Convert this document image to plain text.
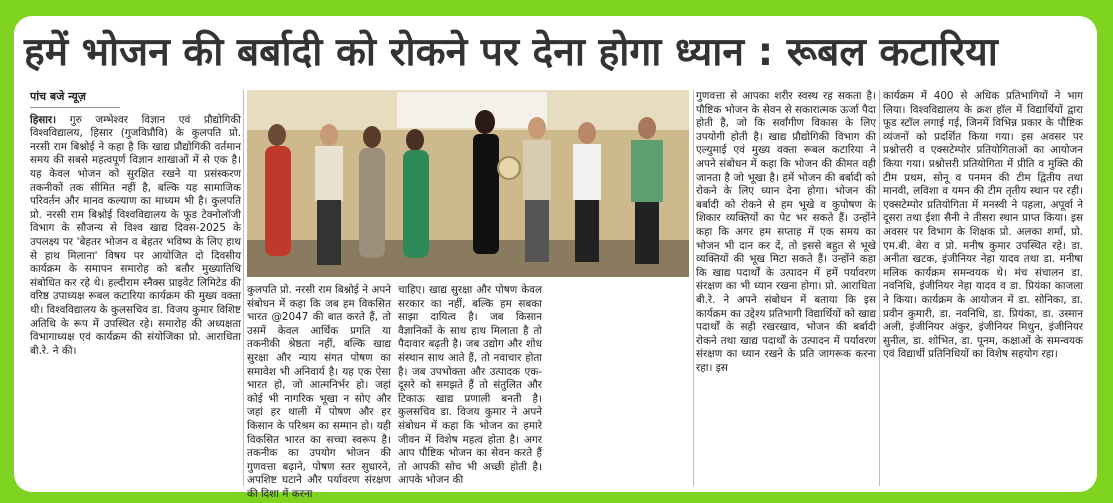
हमें भोजन की बर्बादी को रोकने पर देना होगा ध्यान : रूबल कटारिया

पांच बजे न्यूज़

हिसार। गुरु जम्भेश्वर विज्ञान एवं प्रौद्योगिकी विश्वविद्यालय, हिसार (गुजविप्रौवि) के कुलपति प्रो. नरसी राम बिश्नोई ने कहा है कि खाद्य प्रौद्योगिकी वर्तमान समय की सबसे महत्वपूर्ण विज्ञान शाखाओं में से एक है। यह केवल भोजन को सुरक्षित रखने या प्रसंस्करण तकनीकों तक सीमित नहीं है, बल्कि यह सामाजिक परिवर्तन और मानव कल्याण का माध्यम भी है। कुलपति प्रो. नरसी राम बिश्नोई विश्वविद्यालय के फूड टेक्नोलॉजी विभाग के सौजन्य से विश्व खाद्य दिवस-2025 के उपलक्ष्य पर 'बेहतर भोजन व बेहतर भविष्य के लिए हाथ से हाथ मिलाना' विषय पर आयोजित दो दिवसीय कार्यक्रम के समापन समारोह को बतौर मुख्यातिथि संबोधित कर रहे थे। हल्दीराम स्नैक्स प्राइवेट लिमिटेड की वरिष्ठ उपाध्यक्ष रूबल कटारिया कार्यक्रम की मुख्य वक्ता थी। विश्वविद्यालय के कुलसचिव डा. विजय कुमार विशिष्ट अतिथि के रूप में उपस्थित रहे। समारोह की अध्यक्षता विभागाध्यक्ष एवं कार्यक्रम की संयोजिका प्रो. आराधिता बी.रे. ने की।

कुलपति प्रो. नरसी राम बिश्नोई ने अपने संबोधन में कहा कि जब हम विकसित भारत @2047 की बात करते हैं, तो उसमें केवल आर्थिक प्रगति या तकनीकी श्रेष्ठता नहीं, बल्कि खाद्य सुरक्षा और न्याय संगत पोषण का समावेश भी अनिवार्य है। यह एक ऐसा भारत हो, जो आत्मनिर्भर हो। जहां कोई भी नागरिक भूखा न सोए और जहां हर थाली में पोषण और हर किसान के परिश्रम का सम्मान हो। यही विकसित भारत का सच्चा स्वरूप है। तकनीक का उपयोग भोजन की गुणवत्ता बढ़ाने, पोषण स्तर सुधारने, अपशिष्ट घटाने और पर्यावरण संरक्षण की दिशा में करना

चाहिए। खाद्य सुरक्षा और पोषण केवल सरकार का नहीं, बल्कि हम सबका साझा दायित्व है। जब किसान वैज्ञानिकों के साथ हाथ मिलाता है तो पैदावार बढ़ती है। जब उद्योग और शोध संस्थान साथ आते हैं, तो नवाचार होता है। जब उपभोक्ता और उत्पादक एक-दूसरे को समझते हैं तो संतुलित और टिकाऊ खाद्य प्रणाली बनती है। कुलसचिव डा. विजय कुमार ने अपने संबोधन में कहा कि भोजन का हमारे जीवन में विशेष महत्व होता है। अगर आप पौष्टिक भोजन का सेवन करते हैं तो आपकी सोच भी अच्छी होती है। आपके भोजन की

गुणवत्ता से आपका शरीर स्वस्थ रह सकता है। पौष्टिक भोजन के सेवन से सकारात्मक ऊर्जा पैदा होती है, जो कि सर्वांगीण विकास के लिए उपयोगी होती है। खाद्य प्रौद्योगिकी विभाग की एल्युमाई एवं मुख्य वक्ता रूबल कटारिया ने अपने संबोधन में कहा कि भोजन की कीमत वही जानता है जो भूखा है। हमें भोजन की बर्बादी को रोकने के लिए ध्यान देना होगा। भोजन की बर्बादी को रोकने से हम भूखे व कुपोषण के शिकार व्यक्तियों का पेट भर सकते हैं। उन्होंने कहा कि अगर हम सप्ताह में एक समय का भोजन भी दान कर दें, तो इससे बहुत से भूखे व्यक्तियों की भूख मिटा सकते हैं। उन्होंने कहा कि खाद्य पदार्थों के उत्पादन में हमें पर्यावरण संरक्षण का भी ध्यान रखना होगा। प्रो. आराधिता बी.रे. ने अपने संबोधन में बताया कि इस कार्यक्रम का उद्देश्य प्रतिभागी विद्यार्थियों को खाद्य पदार्थों के सही रखरखाव, भोजन की बर्बादी रोकने तथा खाद्य पदार्थों के उत्पादन में पर्यावरण संरक्षण का ध्यान रखने के प्रति जागरूक करना रहा। इस

कार्यक्रम में 400 से अधिक प्रतिभागियों ने भाग लिया। विश्वविद्यालय के क्रश हॉल में विद्यार्थियों द्वारा फूड स्टॉल लगाई गई, जिनमें विभिन्न प्रकार के पौष्टिक व्यंजनों को प्रदर्शित किया गया। इस अवसर पर प्रश्नोत्तरी व एक्सटेम्पोर प्रतियोगिताओं का आयोजन किया गया। प्रश्नोत्तरी प्रतियोगिता में प्रीति व मुक्ति की टीम प्रथम, सोनू व पनमन की टीम द्वितीय तथा मानवी, लविशा व यमन की टीम तृतीय स्थान पर रही। एक्सटेम्पोर प्रतियोगिता में मनस्वी ने पहला, अपूर्वा ने दूसरा तथा ईशा सैनी ने तीसरा स्थान प्राप्त किया। इस अवसर पर विभाग के शिक्षक प्रो. अलका शर्मा, प्रो. एम.बी. बेरा व प्रो. मनीष कुमार उपस्थित रहे। डा. अनीता खटक, इंजीनियर नेहा यादव तथा डा. मनीषा मलिक कार्यक्रम समन्वयक थे। मंच संचालन डा. नवनिधि, इंजीनियर नेहा यादव व डा. प्रियंका काजला ने किया। कार्यक्रम के आयोजन में डा. सोनिका, डा. प्रवीन कुमारी, डा. नवनिधि, डा. प्रियंका, डा. उस्मान अली, इंजीनियर अंकुर, इंजीनियर मिथुन, इंजीनियर सुनील, डा. शोभित, डा. पूनम, कक्षाओं के समन्वयक एवं विद्यार्थी प्रतिनिधियों का विशेष सहयोग रहा।
